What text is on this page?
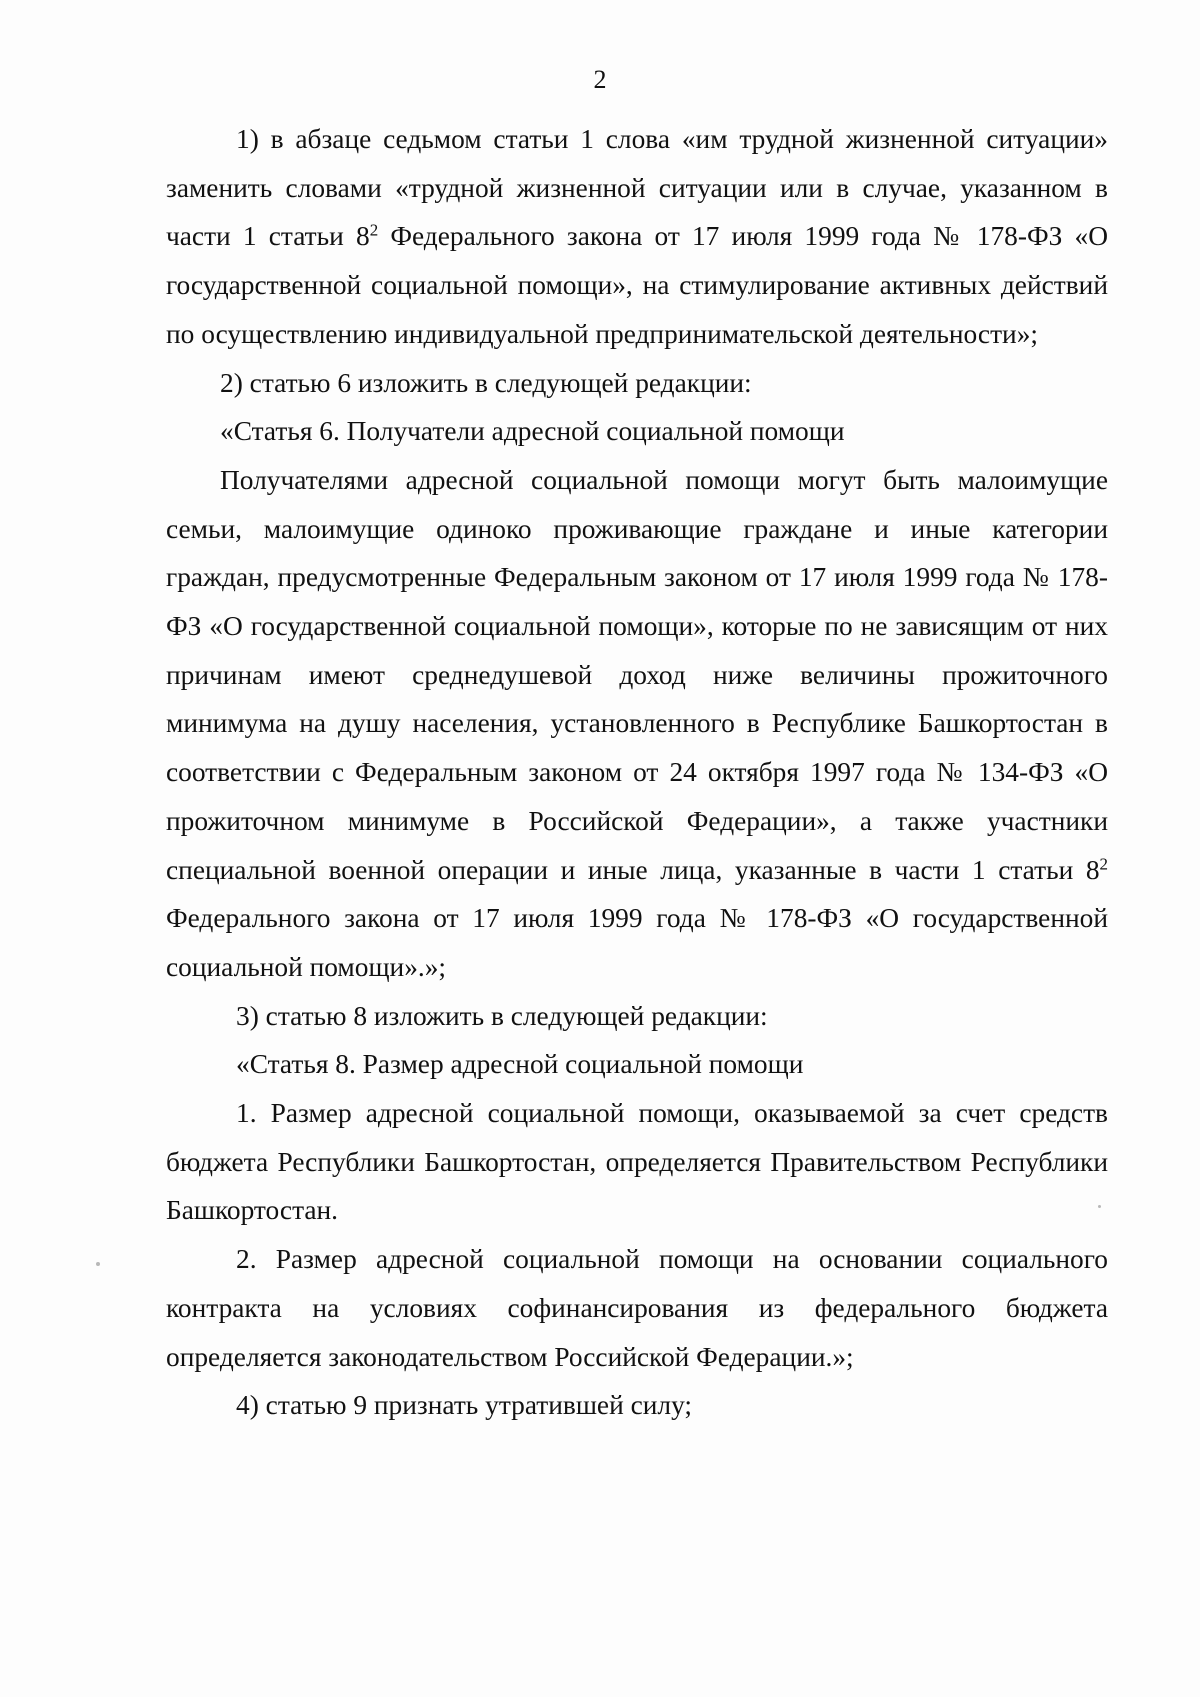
2

1) в абзаце седьмом статьи 1 слова «им трудной жизненной ситуации» заменить словами «трудной жизненной ситуации или в случае, указанном в части 1 статьи $8^2$ Федерального закона от 17 июля 1999 года № 178-ФЗ «О государственной социальной помощи», на стимулирование активных действий по осуществлению индивидуальной предпринимательской деятельности»;

2) статью 6 изложить в следующей редакции:

«Статья 6. Получатели адресной социальной помощи

Получателями адресной социальной помощи могут быть малоимущие семьи, малоимущие одиноко проживающие граждане и иные категории граждан, предусмотренные Федеральным законом от 17 июля 1999 года № 178-ФЗ «О государственной социальной помощи», которые по не зависящим от них причинам имеют среднедушевой доход ниже величины прожиточного минимума на душу населения, установленного в Республике Башкортостан в соответствии с Федеральным законом от 24 октября 1997 года № 134-ФЗ «О прожиточном минимуме в Российской Федерации», а также участники специальной военной операции и иные лица, указанные в части 1 статьи $8^2$ Федерального закона от 17 июля 1999 года № 178-ФЗ «О государственной социальной помощи».»;

3) статью 8 изложить в следующей редакции:

«Статья 8. Размер адресной социальной помощи

1. Размер адресной социальной помощи, оказываемой за счет средств бюджета Республики Башкортостан, определяется Правительством Республики Башкортостан.

2. Размер адресной социальной помощи на основании социального контракта на условиях софинансирования из федерального бюджета определяется законодательством Российской Федерации.»;

4) статью 9 признать утратившей силу;
